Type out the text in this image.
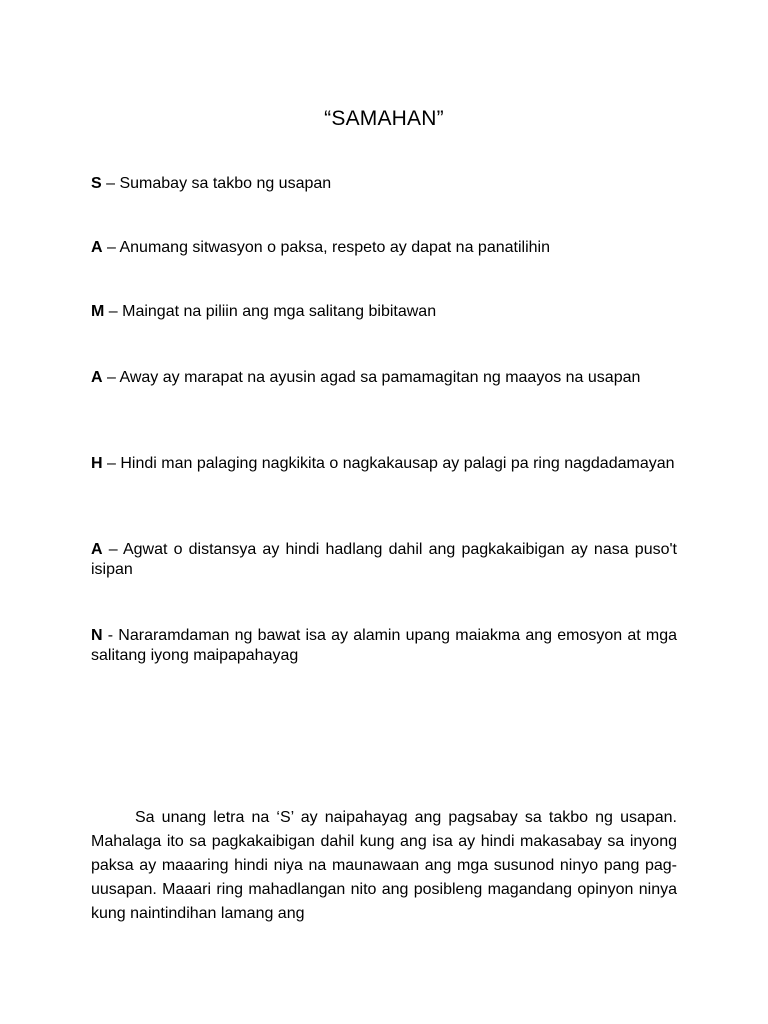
“SAMAHAN”
S – Sumabay sa takbo ng usapan
A – Anumang sitwasyon o paksa, respeto ay dapat na panatilihin
M – Maingat na piliin ang mga salitang bibitawan
A – Away ay marapat na ayusin agad sa pamamagitan ng maayos na usapan
H – Hindi man palaging nagkikita o nagkakausap ay palagi pa ring nagdadamayan
A – Agwat o distansya ay hindi hadlang dahil ang pagkakaibigan ay nasa puso't isipan
N - Nararamdaman ng bawat isa ay alamin upang maiakma ang emosyon at mga salitang iyong maipapahayag

Sa unang letra na ‘S’ ay naipahayag ang pagsabay sa takbo ng usapan. Mahalaga ito sa pagkakaibigan dahil kung ang isa ay hindi makasabay sa inyong paksa ay maaaring hindi niya na maunawaan ang mga susunod ninyo pang pag-uusapan. Maaari ring mahadlangan nito ang posibleng magandang opinyon ninya kung naintindihan lamang ang
